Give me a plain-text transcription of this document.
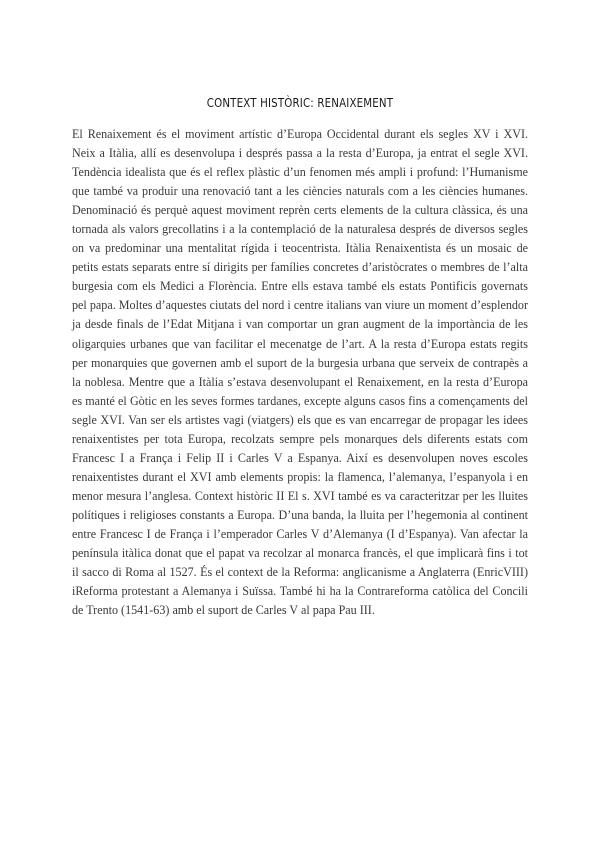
CONTEXT HISTÒRIC: RENAIXEMENT

El Renaixement és el moviment artístic d’Europa Occidental durant els segles XV i XVI. Neix a Itàlia, allí es desenvolupa i després passa a la resta d’Europa, ja entrat el segle XVI. Tendència idealista que és el reflex plàstic d’un fenomen més ampli i profund: l’Humanisme que també va produir una renovació tant a les ciències naturals com a les ciències humanes. Denominació és perquè aquest moviment reprèn certs elements de la cultura clàssica, és una tornada als valors grecollatins i a la contemplació de la naturalesa després de diversos segles on va predominar una mentalitat rígida i teocentrista. Itàlia Renaixentista és un mosaic de petits estats separats entre sí dirigits per famílies concretes d’aristòcrates o membres de l’alta burgesia com els Medici a Florència. Entre ells estava també els estats Pontificis governats pel papa. Moltes d’aquestes ciutats del nord i centre italians van viure un moment d’esplendor ja desde finals de l’Edat Mitjana i van comportar un gran augment de la importància de les oligarquies urbanes que van facilitar el mecenatge de l’art. A la resta d’Europa estats regits per monarquies que governen amb el suport de la burgesia urbana que serveix de contrapès a la noblesa. Mentre que a Itàlia s’estava desenvolupant el Renaixement, en la resta d’Europa es manté el Gòtic en les seves formes tardanes, excepte alguns casos fins a començaments del segle XVI. Van ser els artistes vagi (viatgers) els que es van encarregar de propagar les idees renaixentistes per tota Europa, recolzats sempre pels monarques dels diferents estats com Francesc I a França i Felip II i Carles V a Espanya. Així es desenvolupen noves escoles renaixentistes durant el XVI amb elements propis: la flamenca, l’alemanya, l’espanyola i en menor mesura l’anglesa. Context històric II El s. XVI també es va caracteritzar per les lluites polítiques i religioses constants a Europa. D’una banda, la lluita per l’hegemonia al continent entre Francesc I de França i l’emperador Carles V d’Alemanya (I d’Espanya). Van afectar la península itàlica donat que el papat va recolzar al monarca francès, el que implicarà fins i tot il sacco di Roma al 1527. És el context de la Reforma: anglicanisme a Anglaterra (EnricVIII) iReforma protestant a Alemanya i Suïssa. També hi ha la Contrareforma catòlica del Concili de Trento (1541-63) amb el suport de Carles V al papa Pau III.
